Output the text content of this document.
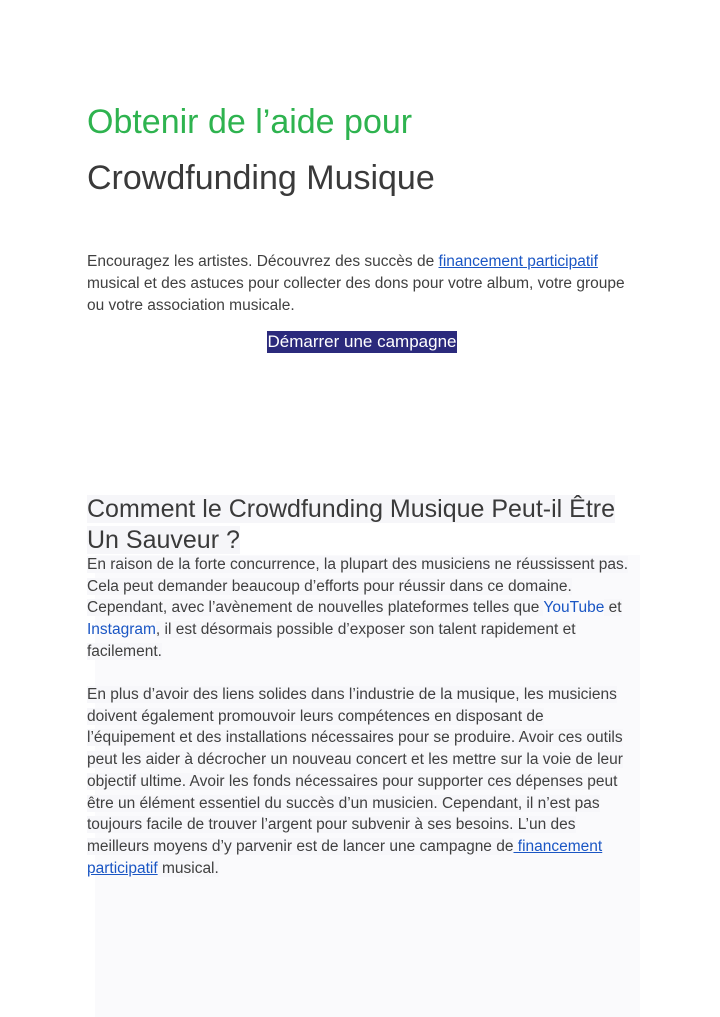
Obtenir de l’aide pour
Crowdfunding Musique

Encouragez les artistes. Découvrez des succès de financement participatif musical et des astuces pour collecter des dons pour votre album, votre groupe ou votre association musicale.

Démarrer une campagne
Comment le Crowdfunding Musique Peut-il Être Un Sauveur ?

En raison de la forte concurrence, la plupart des musiciens ne réussissent pas. Cela peut demander beaucoup d’efforts pour réussir dans ce domaine. Cependant, avec l’avènement de nouvelles plateformes telles que YouTube et Instagram, il est désormais possible d’exposer son talent rapidement et facilement.

En plus d’avoir des liens solides dans l’industrie de la musique, les musiciens doivent également promouvoir leurs compétences en disposant de l’équipement et des installations nécessaires pour se produire. Avoir ces outils peut les aider à décrocher un nouveau concert et les mettre sur la voie de leur objectif ultime. Avoir les fonds nécessaires pour supporter ces dépenses peut être un élément essentiel du succès d’un musicien. Cependant, il n’est pas toujours facile de trouver l’argent pour subvenir à ses besoins. L’un des meilleurs moyens d’y parvenir est de lancer une campagne de financement participatif musical.
